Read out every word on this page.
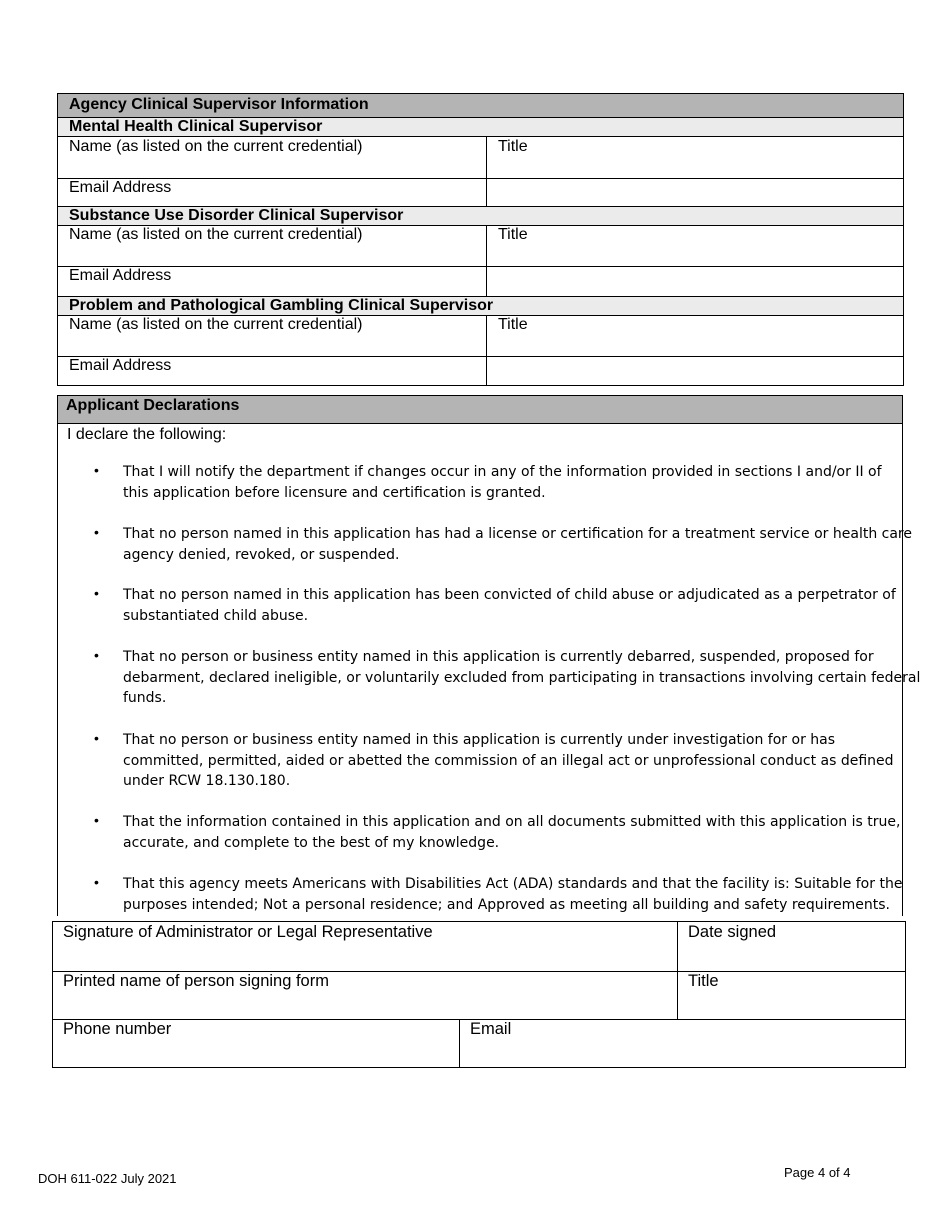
Agency Clinical Supervisor Information
Mental Health Clinical Supervisor
Name (as listed on the current credential)	Title
Email Address
Substance Use Disorder Clinical Supervisor
Name (as listed on the current credential)	Title
Email Address
Problem and Pathological Gambling Clinical Supervisor
Name (as listed on the current credential)	Title
Email Address
Applicant Declarations
I declare the following:
• That I will notify the department if changes occur in any of the information provided in sections I and/or II of
this application before licensure and certification is granted.
• That no person named in this application has had a license or certification for a treatment service or health care
agency denied, revoked, or suspended.
• That no person named in this application has been convicted of child abuse or adjudicated as a perpetrator of
substantiated child abuse.
• That no person or business entity named in this application is currently debarred, suspended, proposed for
debarment, declared ineligible, or voluntarily excluded from participating in transactions involving certain federal
funds.
• That no person or business entity named in this application is currently under investigation for or has
committed, permitted, aided or abetted the commission of an illegal act or unprofessional conduct as defined
under RCW 18.130.180.
• That the information contained in this application and on all documents submitted with this application is true,
accurate, and complete to the best of my knowledge.
• That this agency meets Americans with Disabilities Act (ADA) standards and that the facility is: Suitable for the
purposes intended; Not a personal residence; and Approved as meeting all building and safety requirements.
Signature of Administrator or Legal Representative	Date signed
Printed name of person signing form	Title
Phone number	Email
DOH 611-022 July 2021	Page 4 of 4
